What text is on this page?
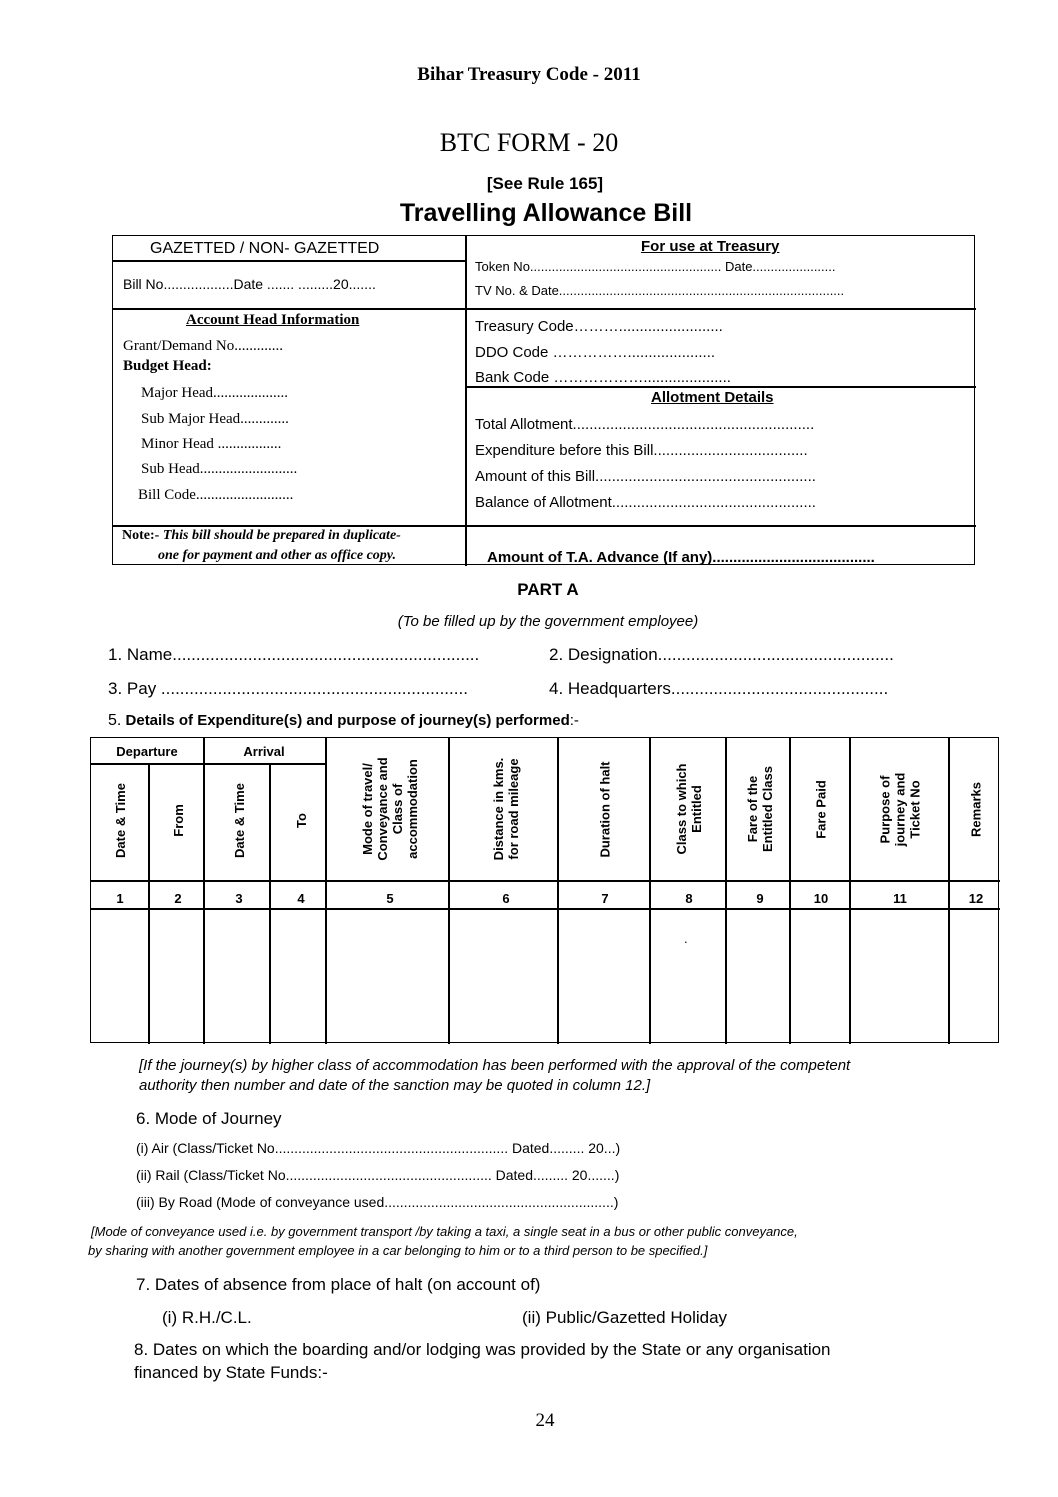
Bihar Treasury Code - 2011
BTC FORM - 20
[See Rule 165]
Travelling Allowance Bill
GAZETTED / NON- GAZETTED
Bill No..................Date ....... .........20.......
For use at Treasury
Token No..................................................... Date.......................
TV No. & Date...............................................................................
Account Head Information
Grant/Demand No.............
Budget Head:
Major Head....................
Sub Major Head.............
Minor Head .................
Sub Head..........................
Bill Code..........................
Treasury Code……….........................
DDO Code …………….....................
Bank Code ……………….....................
Allotment Details
Total Allotment..........................................................
Expenditure before this Bill.....................................
Amount of this Bill.....................................................
Balance of Allotment.................................................
Note:- This bill should be prepared in duplicate-
one for payment and other as office copy.	Amount of T.A. Advance (If any).......................................
PART A
(To be filled up by the government employee)
1. Name.................................................................	2. Designation..................................................
3. Pay .................................................................	4. Headquarters..............................................
5. Details of Expenditure(s) and purpose of journey(s) performed:-
Departure	Arrival
.
Date & Time	From	Date & Time	To	Mode of travel/ Conveyance and Class of accommodation	Distance in kms. for road mileage	Duration of halt	Class to which Entitled	Fare of the Entitled Class	Fare Paid	Purpose of journey and Ticket No	Remarks
1	2	3	4	5	6	7	8	9	10	11	12
[If the journey(s) by higher class of accommodation has been performed with the approval of the competent
authority then number and date of the sanction may be quoted in column 12.]
6. Mode of Journey
(i) Air (Class/Ticket No............................................................ Dated......... 20...)
(ii) Rail (Class/Ticket No..................................................... Dated......... 20.......)
(iii) By Road (Mode of conveyance used...........................................................)
[Mode of conveyance used i.e. by government transport /by taking a taxi, a single seat in a bus or other public conveyance,
by sharing with another government employee in a car belonging to him or to a third person to be specified.]
7. Dates of absence from place of halt (on account of)
(i) R.H./C.L.	(ii) Public/Gazetted Holiday
8. Dates on which the boarding and/or lodging was provided by the State or any organisation
financed by State Funds:-
24
